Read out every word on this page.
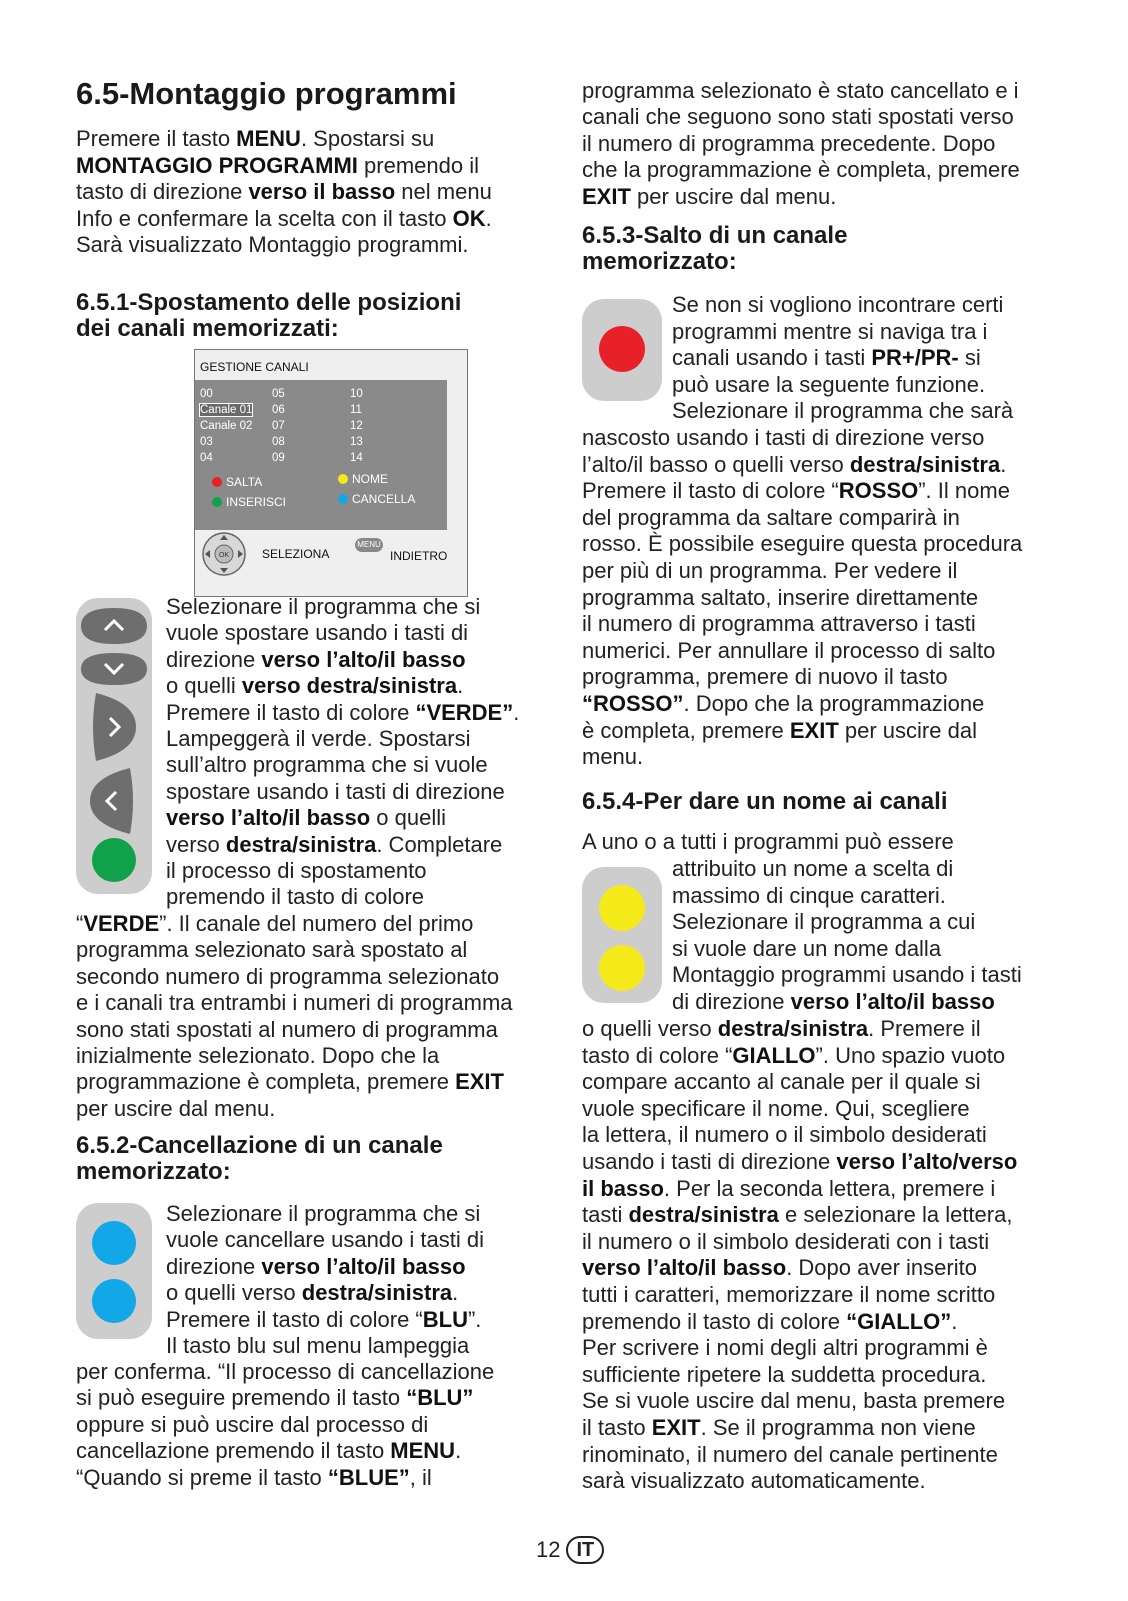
6.5-Montaggio programmi
Premere il tasto MENU. Spostarsi su
MONTAGGIO PROGRAMMI premendo il
tasto di direzione verso il basso nel menu
Info e confermare la scelta con il tasto OK.
Sarà visualizzato Montaggio programmi.
6.5.1-Spostamento delle posizioni
dei canali memorizzati:
GESTIONE CANALI
00
Canale 01
Canale 02
03
04
05
06
07
08
09
10
11
12
13
14
SALTA
INSERISCI
NOME
CANCELLA
OK	SELEZIONA
MENU
INDIETRO
Selezionare il programma che si
vuole spostare usando i tasti di
direzione verso l’alto/il basso
o quelli verso destra/sinistra.
Premere il tasto di colore “VERDE”.
Lampeggerà il verde. Spostarsi
sull’altro programma che si vuole
spostare usando i tasti di direzione
verso l’alto/il basso o quelli
verso destra/sinistra. Completare
il processo di spostamento
premendo il tasto di colore
“VERDE”. Il canale del numero del primo
programma selezionato sarà spostato al
secondo numero di programma selezionato
e i canali tra entrambi i numeri di programma
sono stati spostati al numero di programma
inizialmente selezionato. Dopo che la
programmazione è completa, premere EXIT
per uscire dal menu.
6.5.2-Cancellazione di un canale
memorizzato:
Selezionare il programma che si
vuole cancellare usando i tasti di
direzione verso l’alto/il basso
o quelli verso destra/sinistra.
Premere il tasto di colore “BLU”.
Il tasto blu sul menu lampeggia
per conferma. “Il processo di cancellazione
si può eseguire premendo il tasto “BLU”
oppure si può uscire dal processo di
cancellazione premendo il tasto MENU.
“Quando si preme il tasto “BLUE”, il
programma selezionato è stato cancellato e i
canali che seguono sono stati spostati verso
il numero di programma precedente. Dopo
che la programmazione è completa, premere
EXIT per uscire dal menu.
6.5.3-Salto di un canale
memorizzato:
Se non si vogliono incontrare certi
programmi mentre si naviga tra i
canali usando i tasti PR+/PR- si
può usare la seguente funzione.
Selezionare il programma che sarà
nascosto usando i tasti di direzione verso
l’alto/il basso o quelli verso destra/sinistra.
Premere il tasto di colore “ROSSO”. Il nome
del programma da saltare comparirà in
rosso. È possibile eseguire questa procedura
per più di un programma. Per vedere il
programma saltato, inserire direttamente
il numero di programma attraverso i tasti
numerici. Per annullare il processo di salto
programma, premere di nuovo il tasto
“ROSSO”. Dopo che la programmazione
è completa, premere EXIT per uscire dal
menu.
6.5.4-Per dare un nome ai canali
A uno o a tutti i programmi può essere
attribuito un nome a scelta di
massimo di cinque caratteri.
Selezionare il programma a cui
si vuole dare un nome dalla
Montaggio programmi usando i tasti
di direzione verso l’alto/il basso
o quelli verso destra/sinistra. Premere il
tasto di colore “GIALLO”. Uno spazio vuoto
compare accanto al canale per il quale si
vuole specificare il nome. Qui, scegliere
la lettera, il numero o il simbolo desiderati
usando i tasti di direzione verso l’alto/verso
il basso. Per la seconda lettera, premere i
tasti destra/sinistra e selezionare la lettera,
il numero o il simbolo desiderati con i tasti
verso l’alto/il basso. Dopo aver inserito
tutti i caratteri, memorizzare il nome scritto
premendo il tasto di colore “GIALLO”.
Per scrivere i nomi degli altri programmi è
sufficiente ripetere la suddetta procedura.
Se si vuole uscire dal menu, basta premere
il tasto EXIT. Se il programma non viene
rinominato, il numero del canale pertinente
sarà visualizzato automaticamente.
12 IT
